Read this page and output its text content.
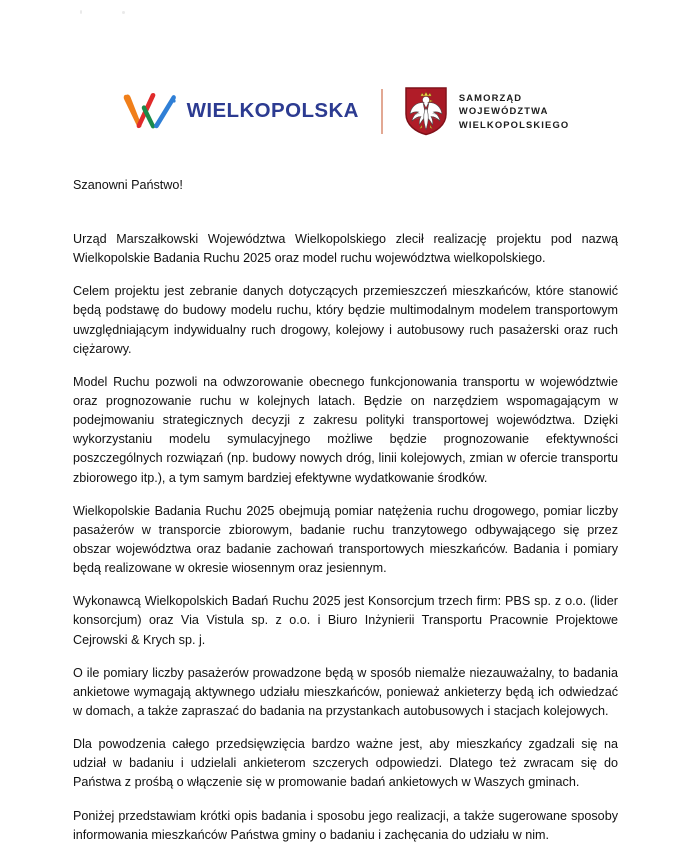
WIELKOPOLSKA
SAMORZĄD
WOJEWÓDZTWA
WIELKOPOLSKIEGO

Szanowni Państwo!

Urząd Marszałkowski Województwa Wielkopolskiego zlecił realizację projektu pod nazwą Wielkopolskie Badania Ruchu 2025 oraz model ruchu województwa wielkopolskiego.

Celem projektu jest zebranie danych dotyczących przemieszczeń mieszkańców, które stanowić będą podstawę do budowy modelu ruchu, który będzie multimodalnym modelem transportowym uwzględniającym indywidualny ruch drogowy, kolejowy i autobusowy ruch pasażerski oraz ruch ciężarowy.

Model Ruchu pozwoli na odwzorowanie obecnego funkcjonowania transportu w województwie oraz prognozowanie ruchu w kolejnych latach. Będzie on narzędziem wspomagającym w podejmowaniu strategicznych decyzji z zakresu polityki transportowej województwa. Dzięki wykorzystaniu modelu symulacyjnego możliwe będzie prognozowanie efektywności poszczególnych rozwiązań (np. budowy nowych dróg, linii kolejowych, zmian w ofercie transportu zbiorowego itp.), a tym samym bardziej efektywne wydatkowanie środków.

Wielkopolskie Badania Ruchu 2025 obejmują pomiar natężenia ruchu drogowego, pomiar liczby pasażerów w transporcie zbiorowym, badanie ruchu tranzytowego odbywającego się przez obszar województwa oraz badanie zachowań transportowych mieszkańców. Badania i pomiary będą realizowane w okresie wiosennym oraz jesiennym.

Wykonawcą Wielkopolskich Badań Ruchu 2025 jest Konsorcjum trzech firm: PBS sp. z o.o. (lider konsorcjum) oraz Via Vistula sp. z o.o. i Biuro Inżynierii Transportu Pracownie Projektowe Cejrowski & Krych sp. j.

O ile pomiary liczby pasażerów prowadzone będą w sposób niemalże niezauważalny, to badania ankietowe wymagają aktywnego udziału mieszkańców, ponieważ ankieterzy będą ich odwiedzać w domach, a także zapraszać do badania na przystankach autobusowych i stacjach kolejowych.

Dla powodzenia całego przedsięwzięcia bardzo ważne jest, aby mieszkańcy zgadzali się na udział w badaniu i udzielali ankieterom szczerych odpowiedzi. Dlatego też zwracam się do Państwa z prośbą o włączenie się w promowanie badań ankietowych w Waszych gminach.

Poniżej przedstawiam krótki opis badania i sposobu jego realizacji, a także sugerowane sposoby informowania mieszkańców Państwa gminy o badaniu i zachęcania do udziału w nim.
